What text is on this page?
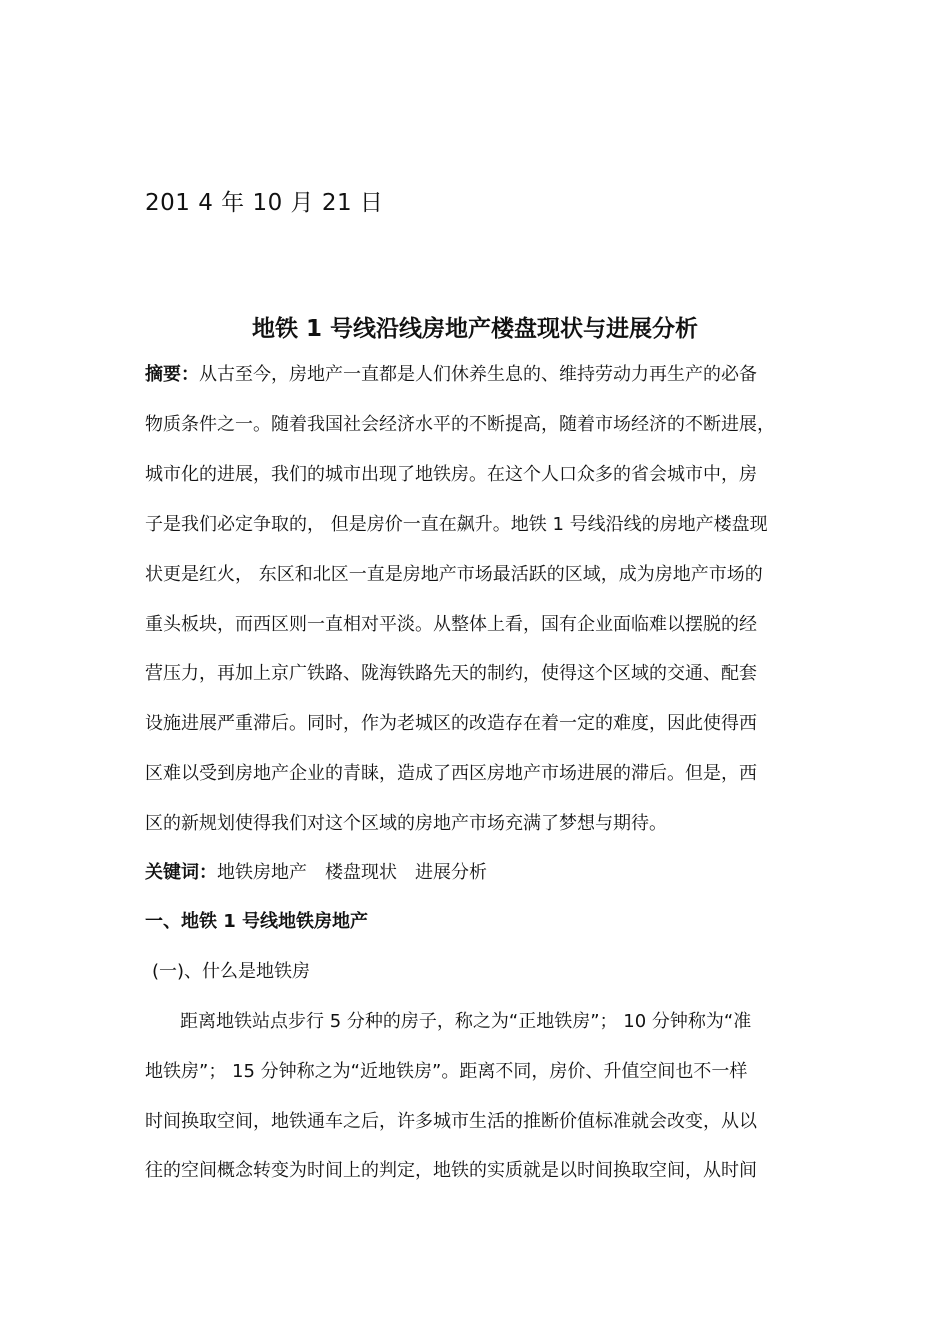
201 4 年 10 月 21 日
地铁 1 号线沿线房地产楼盘现状与进展分析
摘要：从古至今，房地产一直都是人们休养生息的、维持劳动力再生产的必备
物质条件之一。随着我国社会经济水平的不断提高，随着市场经济的不断进展，
城市化的进展，我们的城市出现了地铁房。在这个人口众多的省会城市中，房
子是我们必定争取的， 但是房价一直在飙升。地铁 1 号线沿线的房地产楼盘现
状更是红火， 东区和北区一直是房地产市场最活跃的区域，成为房地产市场的
重头板块，而西区则一直相对平淡。从整体上看，国有企业面临难以摆脱的经
营压力，再加上京广铁路、陇海铁路先天的制约，使得这个区域的交通、配套
设施进展严重滞后。同时，作为老城区的改造存在着一定的难度，因此使得西
区难以受到房地产企业的青睐，造成了西区房地产市场进展的滞后。但是，西
区的新规划使得我们对这个区域的房地产市场充满了梦想与期待。
关键词：地铁房地产　楼盘现状　进展分析
一、地铁 1 号线地铁房地产
(一)、什么是地铁房
距离地铁站点步行 5 分种的房子，称之为“正地铁房”； 10 分钟称为“准
地铁房”； 15 分钟称之为“近地铁房”。距离不同，房价、升值空间也不一样
时间换取空间，地铁通车之后，许多城市生活的推断价值标准就会改变，从以
往的空间概念转变为时间上的判定，地铁的实质就是以时间换取空间，从时间
